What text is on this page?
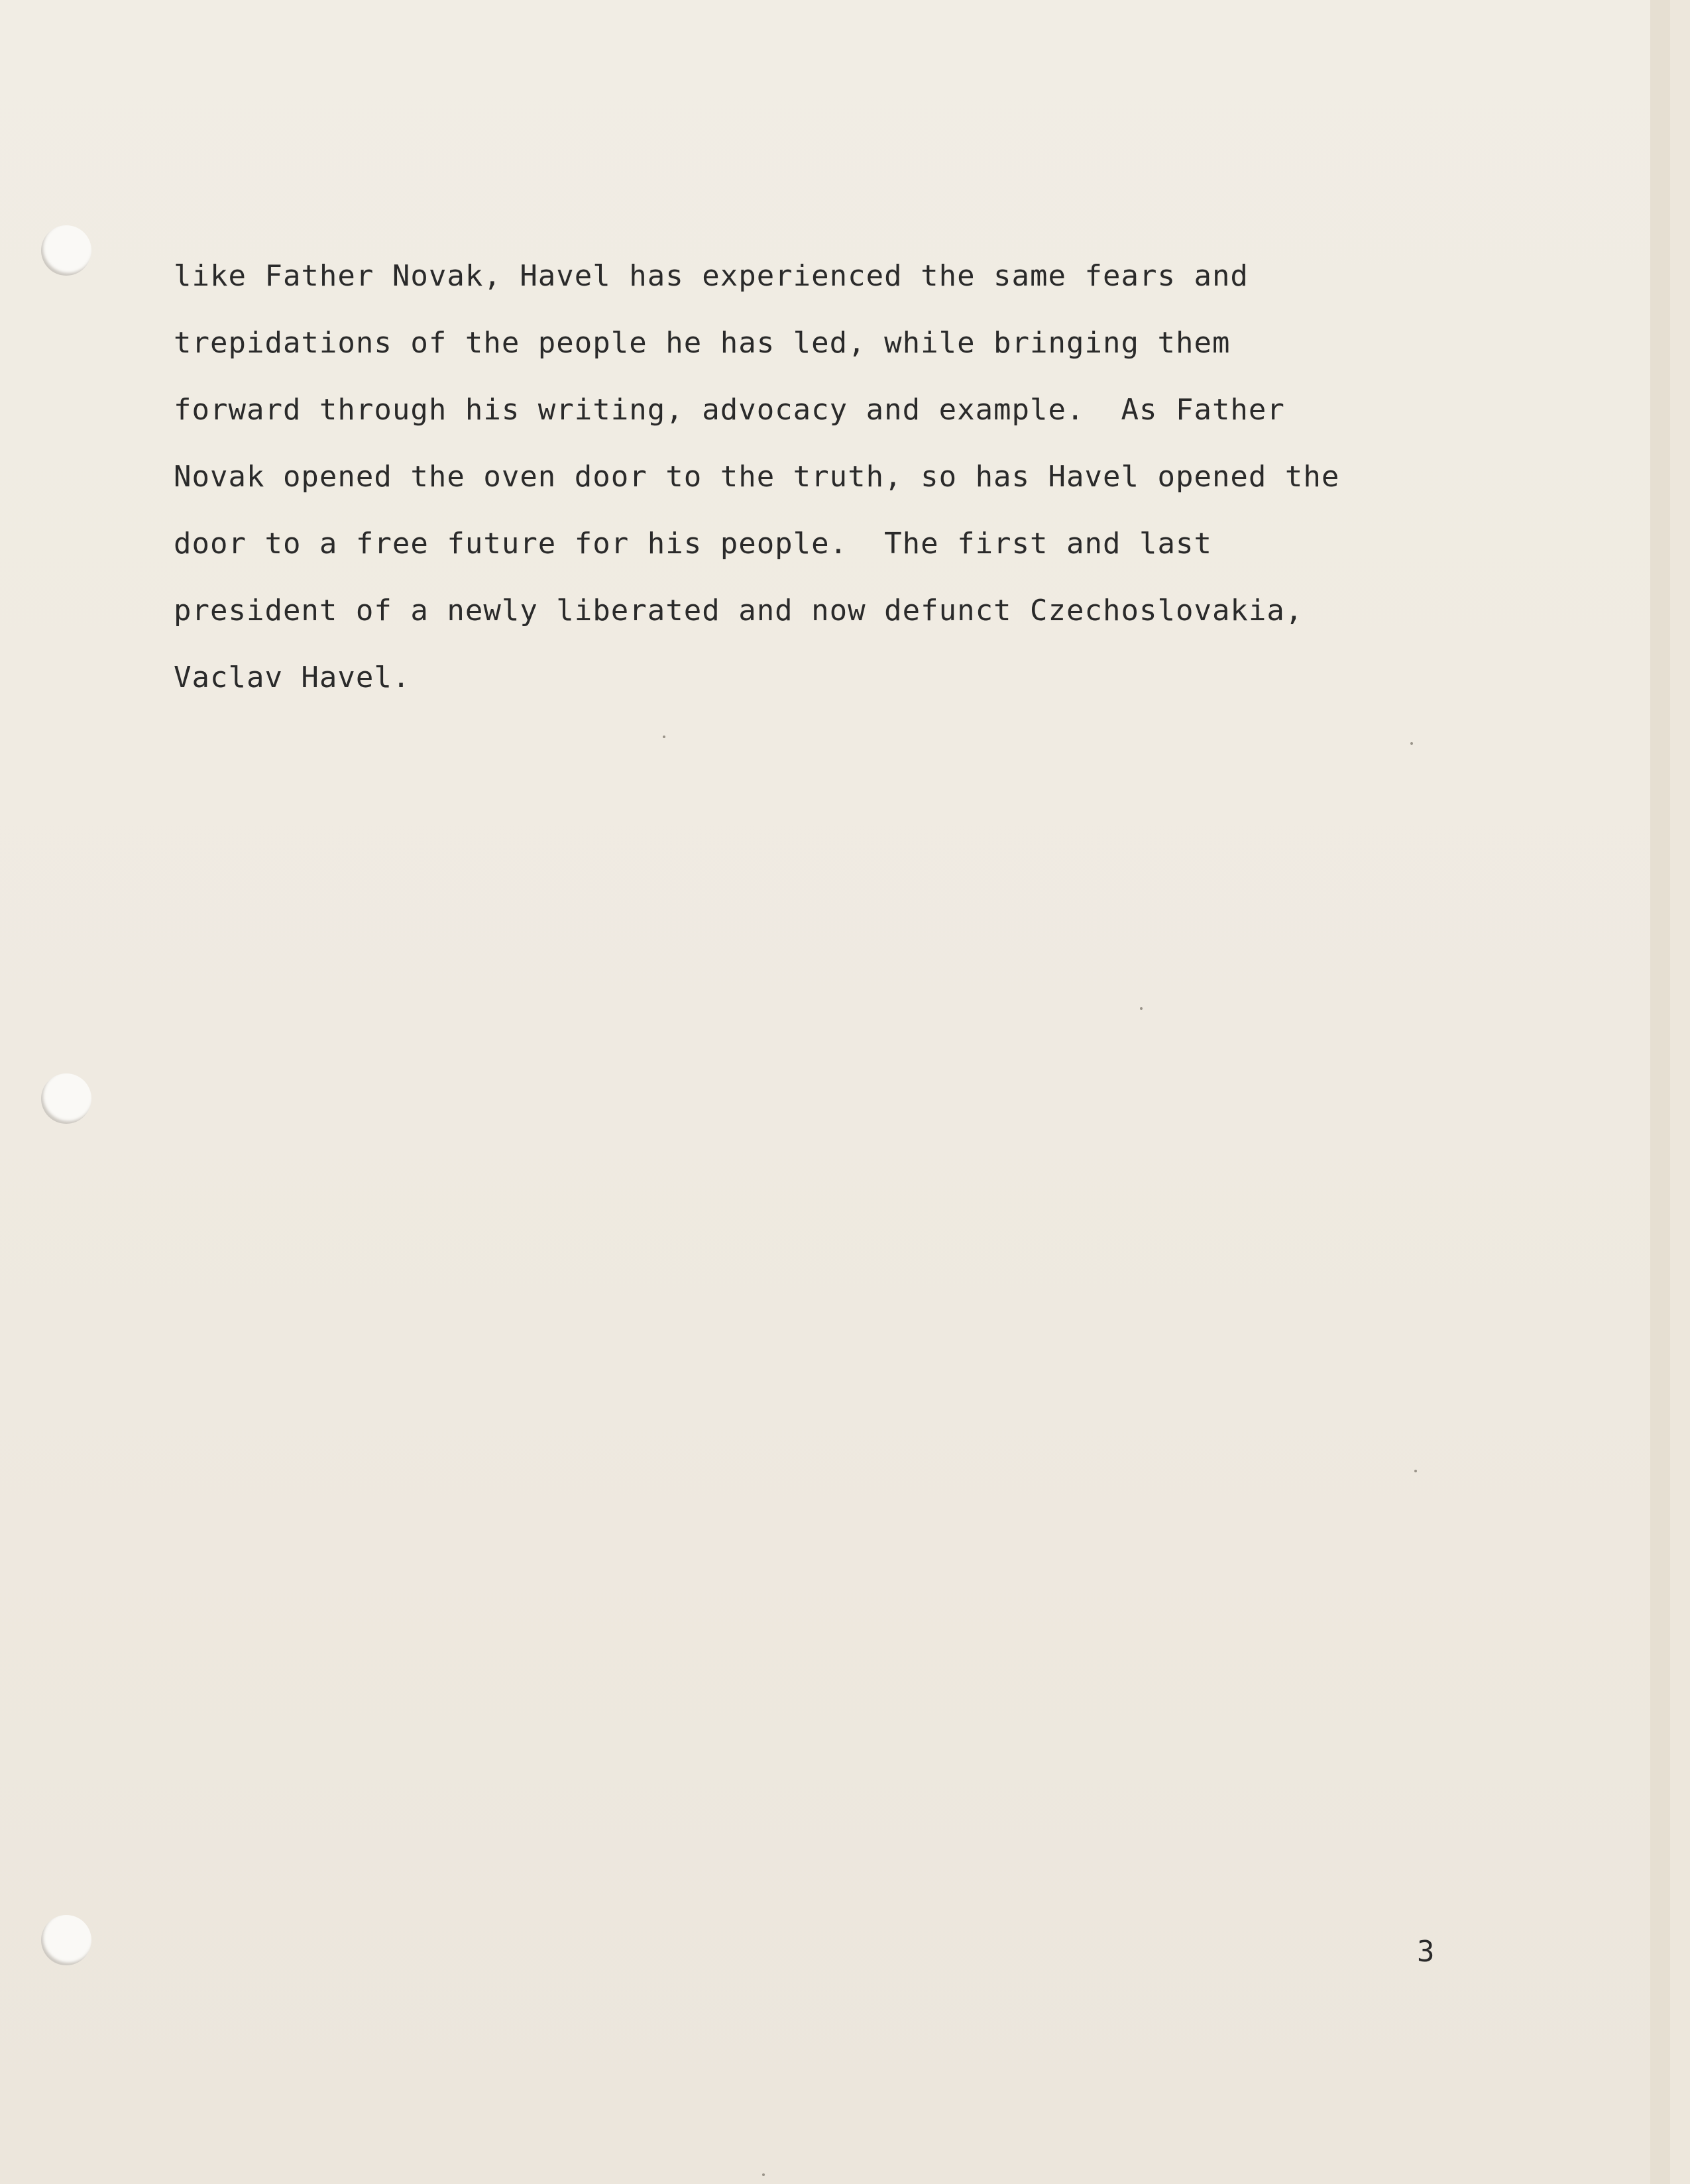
like Father Novak, Havel has experienced the same fears and
trepidations of the people he has led, while bringing them
forward through his writing, advocacy and example.  As Father
Novak opened the oven door to the truth, so has Havel opened the
door to a free future for his people.  The first and last
president of a newly liberated and now defunct Czechoslovakia,
Vaclav Havel.
3
